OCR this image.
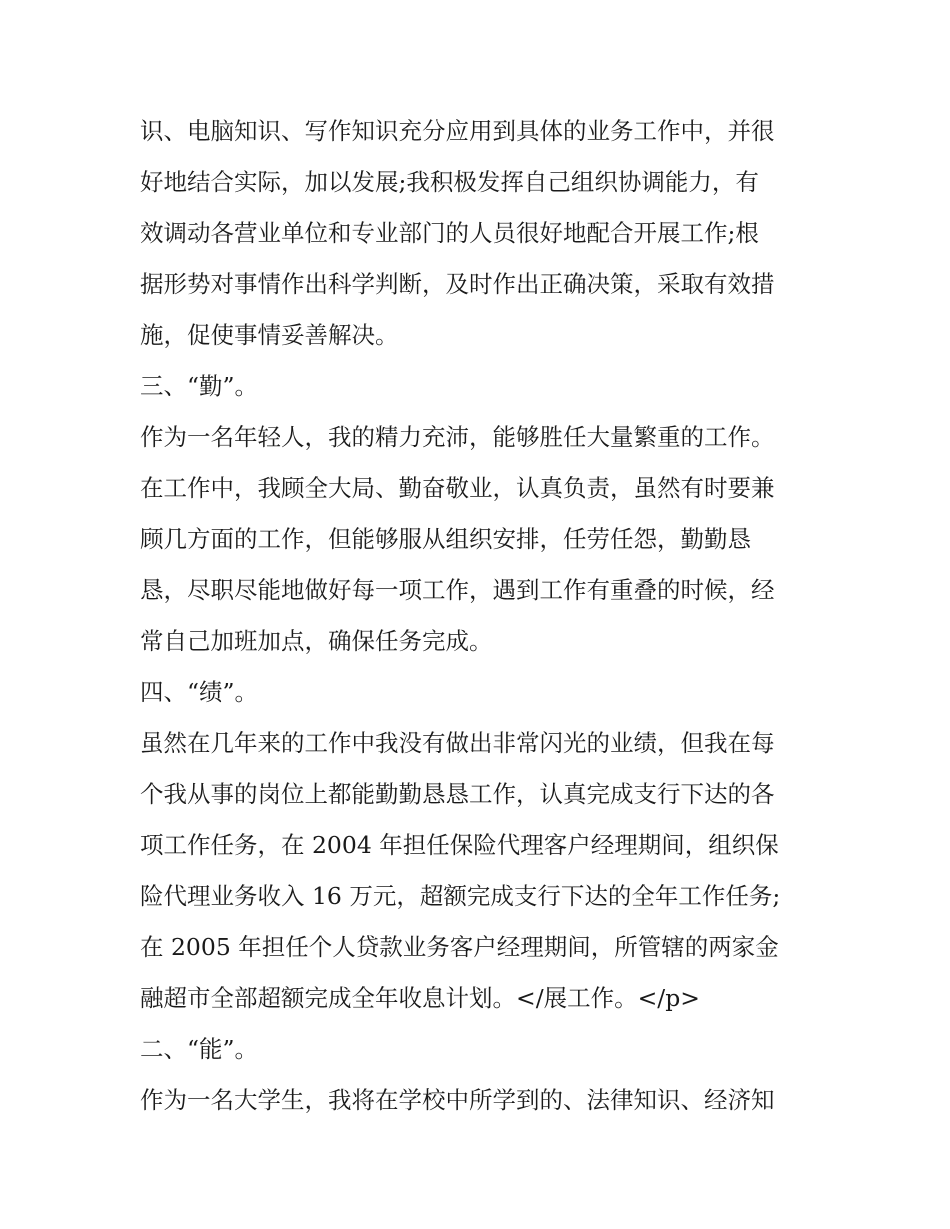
识、电脑知识、写作知识充分应用到具体的业务工作中，并很
好地结合实际，加以发展;我积极发挥自己组织协调能力，有
效调动各营业单位和专业部门的人员很好地配合开展工作;根
据形势对事情作出科学判断，及时作出正确决策，采取有效措
施，促使事情妥善解决。
三、“勤”。
作为一名年轻人，我的精力充沛，能够胜任大量繁重的工作。
在工作中，我顾全大局、勤奋敬业，认真负责，虽然有时要兼
顾几方面的工作，但能够服从组织安排，任劳任怨，勤勤恳
恳，尽职尽能地做好每一项工作，遇到工作有重叠的时候，经
常自己加班加点，确保任务完成。
四、“绩”。
虽然在几年来的工作中我没有做出非常闪光的业绩，但我在每
个我从事的岗位上都能勤勤恳恳工作，认真完成支行下达的各
项工作任务，在 2004 年担任保险代理客户经理期间，组织保
险代理业务收入 16 万元，超额完成支行下达的全年工作任务;
在 2005 年担任个人贷款业务客户经理期间，所管辖的两家金
融超市全部超额完成全年收息计划。</展工作。</p>
二、“能”。
作为一名大学生，我将在学校中所学到的、法律知识、经济知
